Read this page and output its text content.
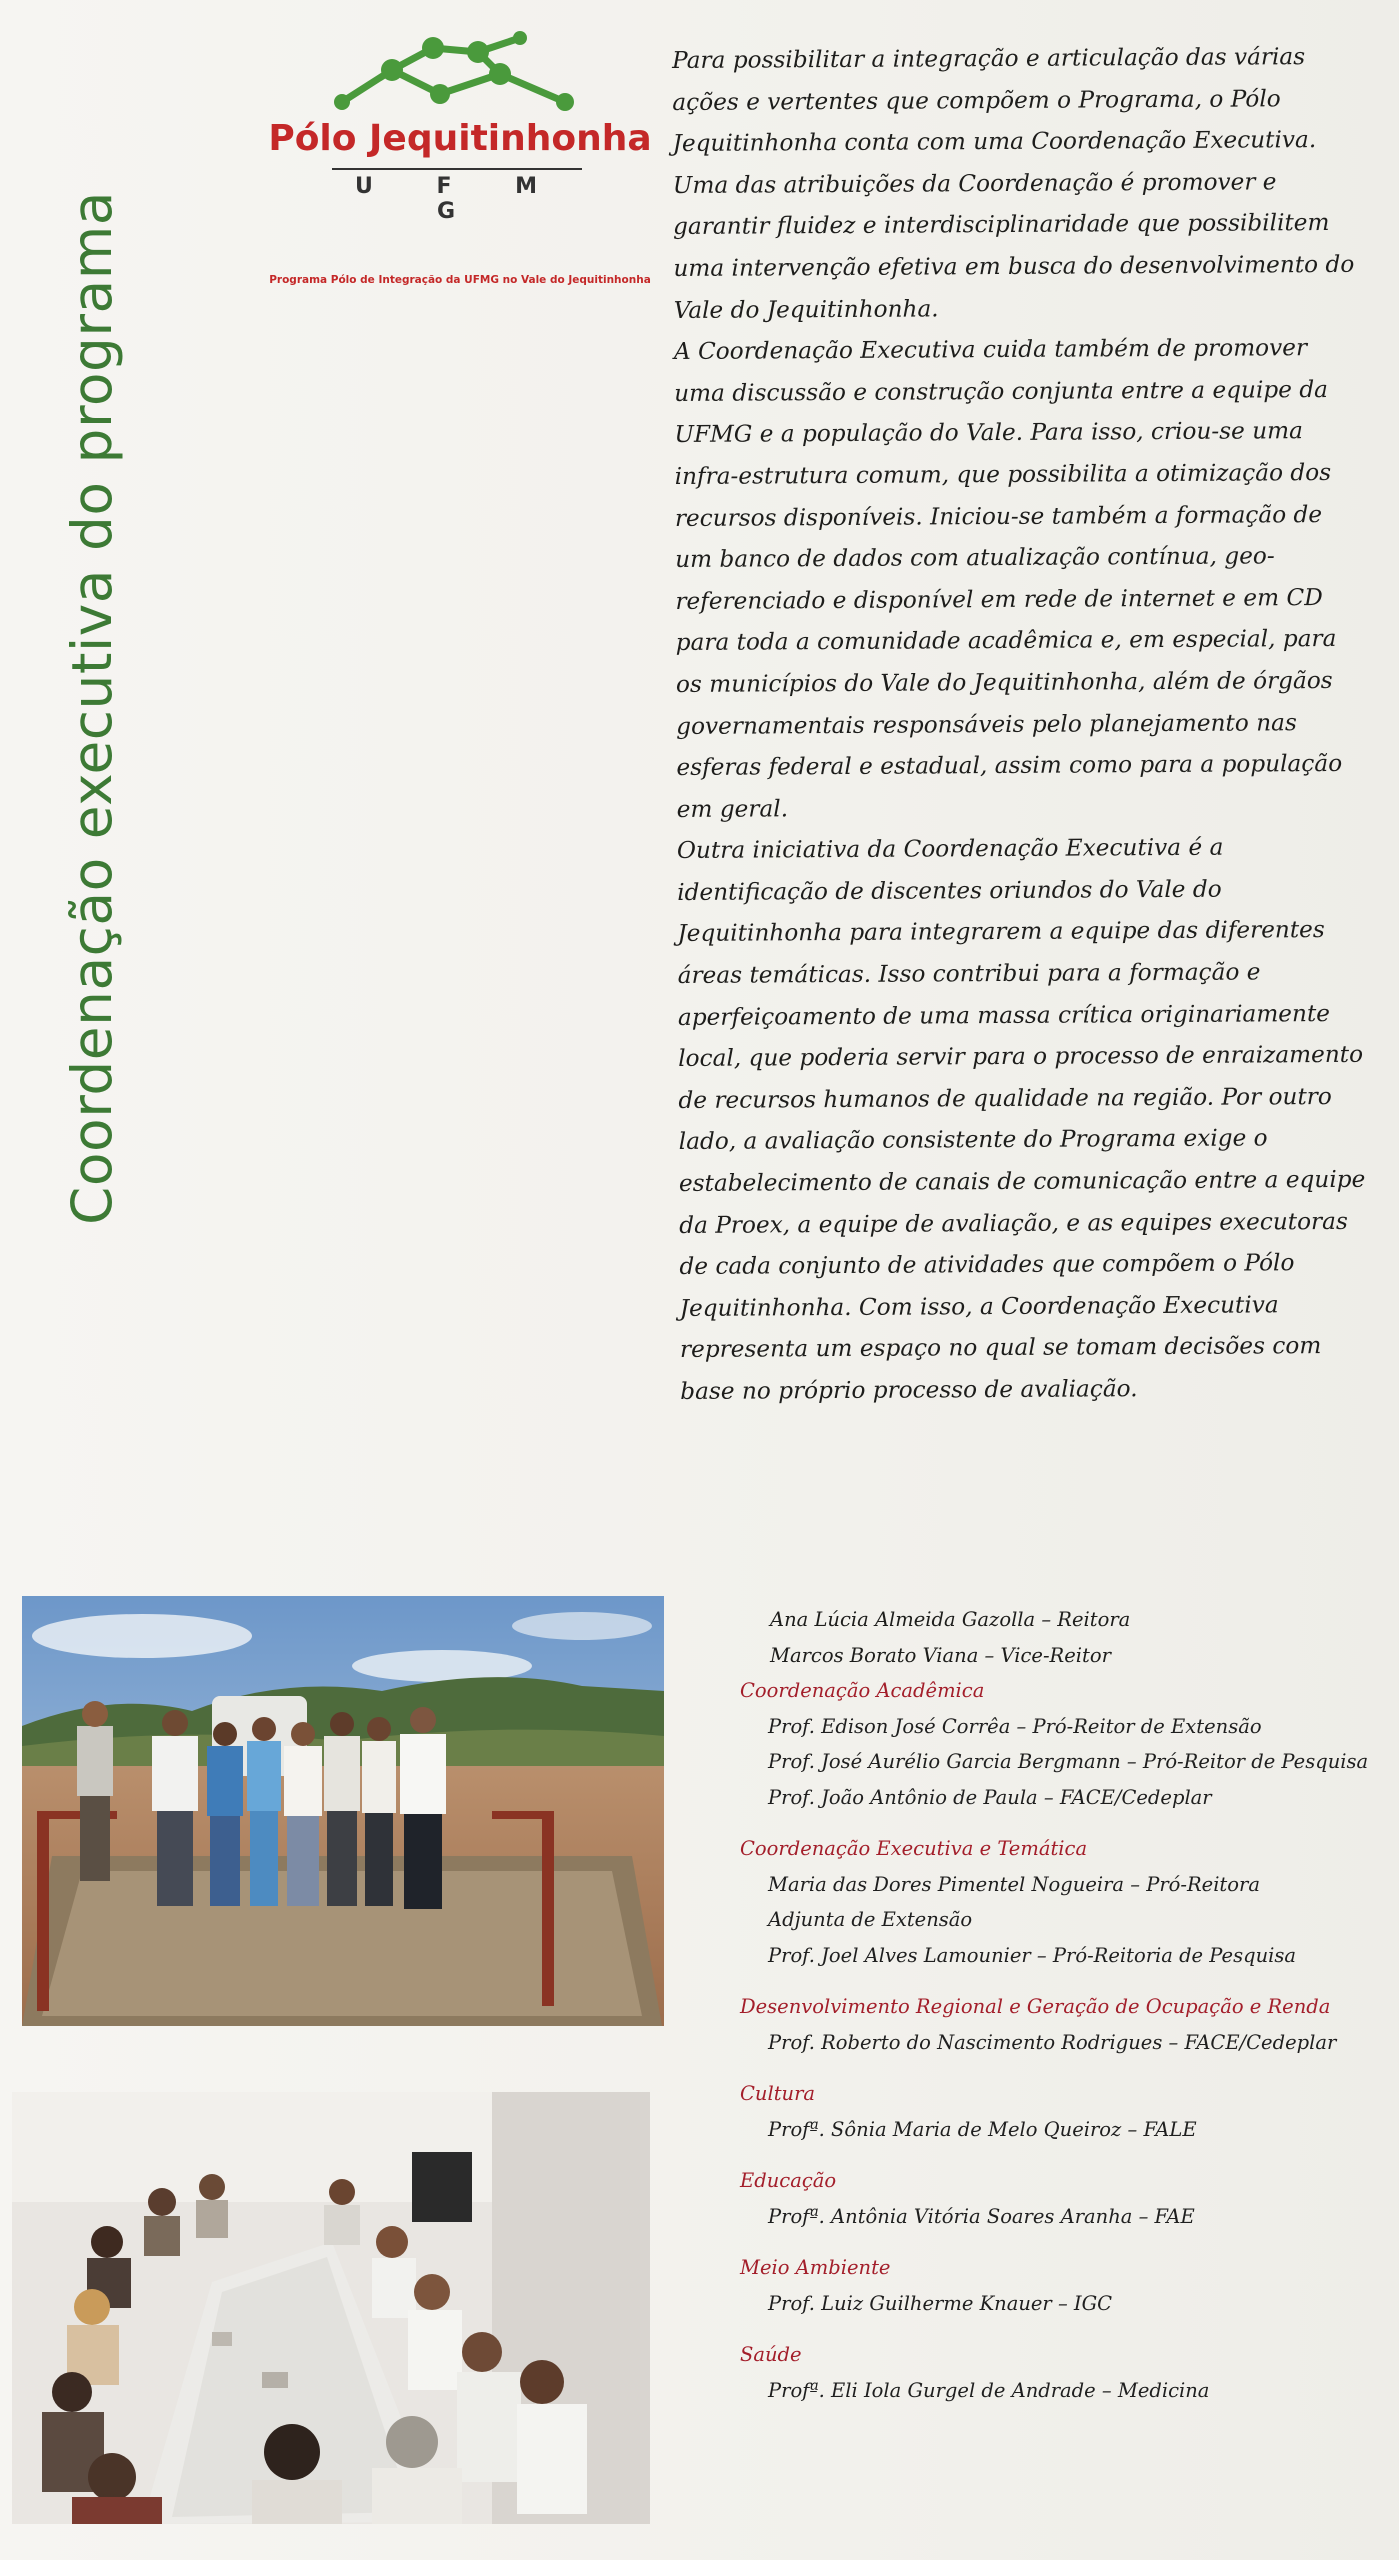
Coordenação executiva do programa
Pólo Jequitinhonha
U F M G
Programa Pólo de Integração da UFMG no Vale do Jequitinhonha

Para possibilitar a integração e articulação das várias ações e vertentes que compõem o Programa, o Pólo Jequitinhonha conta com uma Coordenação Executiva. Uma das atribuições da Coordenação é promover e garantir fluidez e interdisciplinaridade que possibilitem uma intervenção efetiva em busca do desenvolvimento do Vale do Jequitinhonha.

A Coordenação Executiva cuida também de promover uma discussão e construção conjunta entre a equipe da UFMG e a população do Vale. Para isso, criou-se uma infra-estrutura comum, que possibilita a otimização dos recursos disponíveis. Iniciou-se também a formação de um banco de dados com atualização contínua, geo-referenciado e disponível em rede de internet e em CD para toda a comunidade acadêmica e, em especial, para os municípios do Vale do Jequitinhonha, além de órgãos governamentais responsáveis pelo planejamento nas esferas federal e estadual, assim como para a população em geral.

Outra iniciativa da Coordenação Executiva é a identificação de discentes oriundos do Vale do Jequitinhonha para integrarem a equipe das diferentes áreas temáticas. Isso contribui para a formação e aperfeiçoamento de uma massa crítica originariamente local, que poderia servir para o processo de enraizamento de recursos humanos de qualidade na região. Por outro lado, a avaliação consistente do Programa exige o estabelecimento de canais de comunicação entre a equipe da Proex, a equipe de avaliação, e as equipes executoras de cada conjunto de atividades que compõem o Pólo Jequitinhonha. Com isso, a Coordenação Executiva representa um espaço no qual se tomam decisões com base no próprio processo de avaliação.

Ana Lúcia Almeida Gazolla – Reitora
Marcos Borato Viana – Vice-Reitor
Coordenação Acadêmica
Prof. Edison José Corrêa – Pró-Reitor de Extensão
Prof. José Aurélio Garcia Bergmann – Pró-Reitor de Pesquisa
Prof. João Antônio de Paula – FACE/Cedeplar
Coordenação Executiva e Temática
Maria das Dores Pimentel Nogueira – Pró-Reitora
Adjunta de Extensão
Prof. Joel Alves Lamounier – Pró-Reitoria de Pesquisa
Desenvolvimento Regional e Geração de Ocupação e Renda
Prof. Roberto do Nascimento Rodrigues – FACE/Cedeplar
Cultura
Profª. Sônia Maria de Melo Queiroz – FALE
Educação
Profª. Antônia Vitória Soares Aranha – FAE
Meio Ambiente
Prof. Luiz Guilherme Knauer – IGC
Saúde
Profª. Eli Iola Gurgel de Andrade – Medicina
